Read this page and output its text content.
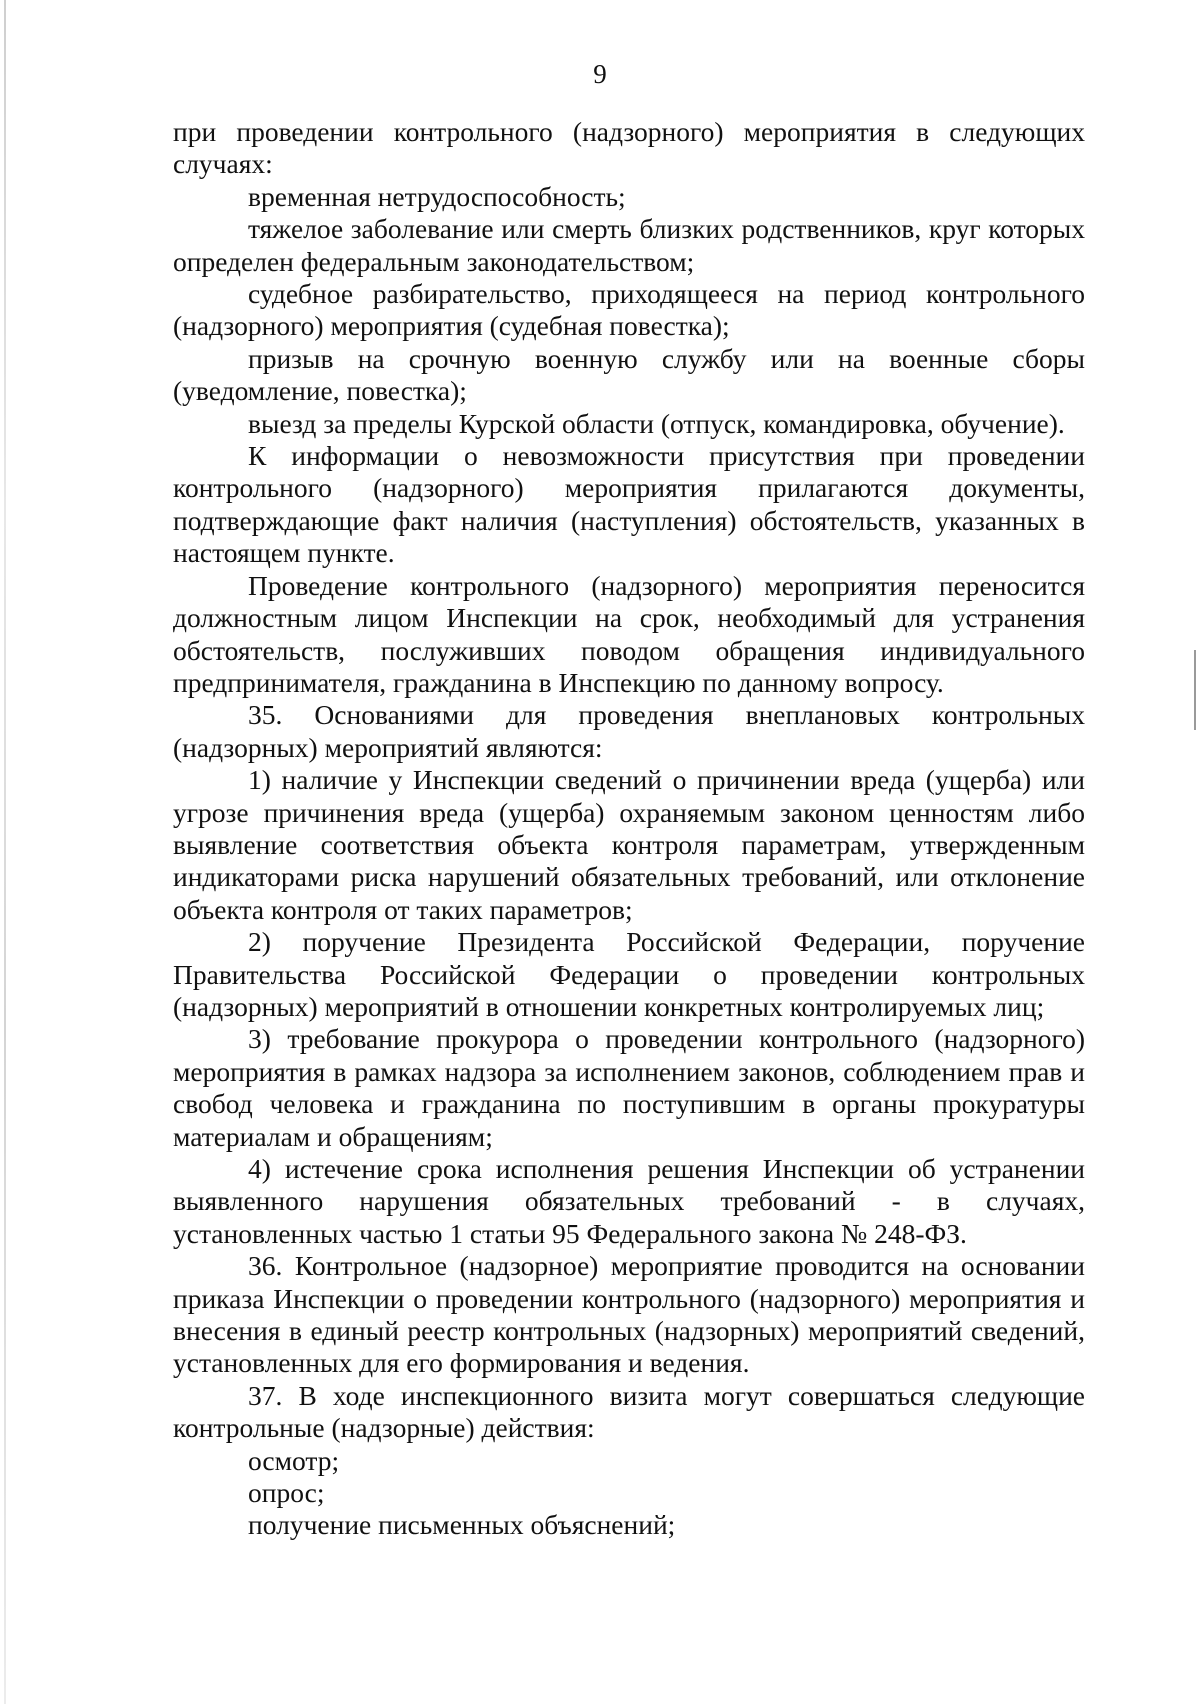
9

при проведении контрольного (надзорного) мероприятия в следующих случаях:

временная нетрудоспособность;

тяжелое заболевание или смерть близких родственников, круг которых определен федеральным законодательством;

судебное разбирательство, приходящееся на период контрольного (надзорного) мероприятия (судебная повестка);

призыв на срочную военную службу или на военные сборы (уведомление, повестка);

выезд за пределы Курской области (отпуск, командировка, обучение).

К информации о невозможности присутствия при проведении контрольного (надзорного) мероприятия прилагаются документы, подтверждающие факт наличия (наступления) обстоятельств, указанных в настоящем пункте.

Проведение контрольного (надзорного) мероприятия переносится должностным лицом Инспекции на срок, необходимый для устранения обстоятельств, послуживших поводом обращения индивидуального предпринимателя, гражданина в Инспекцию по данному вопросу.

35. Основаниями для проведения внеплановых контрольных (надзорных) мероприятий являются:

1) наличие у Инспекции сведений о причинении вреда (ущерба) или угрозе причинения вреда (ущерба) охраняемым законом ценностям либо выявление соответствия объекта контроля параметрам, утвержденным индикаторами риска нарушений обязательных требований, или отклонение объекта контроля от таких параметров;

2) поручение Президента Российской Федерации, поручение Правительства Российской Федерации о проведении контрольных (надзорных) мероприятий в отношении конкретных контролируемых лиц;

3) требование прокурора о проведении контрольного (надзорного) мероприятия в рамках надзора за исполнением законов, соблюдением прав и свобод человека и гражданина по поступившим в органы прокуратуры материалам и обращениям;

4) истечение срока исполнения решения Инспекции об устранении выявленного нарушения обязательных требований - в случаях, установленных частью 1 статьи 95 Федерального закона № 248-ФЗ.

36. Контрольное (надзорное) мероприятие проводится на основании приказа Инспекции о проведении контрольного (надзорного) мероприятия и внесения в единый реестр контрольных (надзорных) мероприятий сведений, установленных для его формирования и ведения.

37. В ходе инспекционного визита могут совершаться следующие контрольные (надзорные) действия:

осмотр;

опрос;

получение письменных объяснений;
